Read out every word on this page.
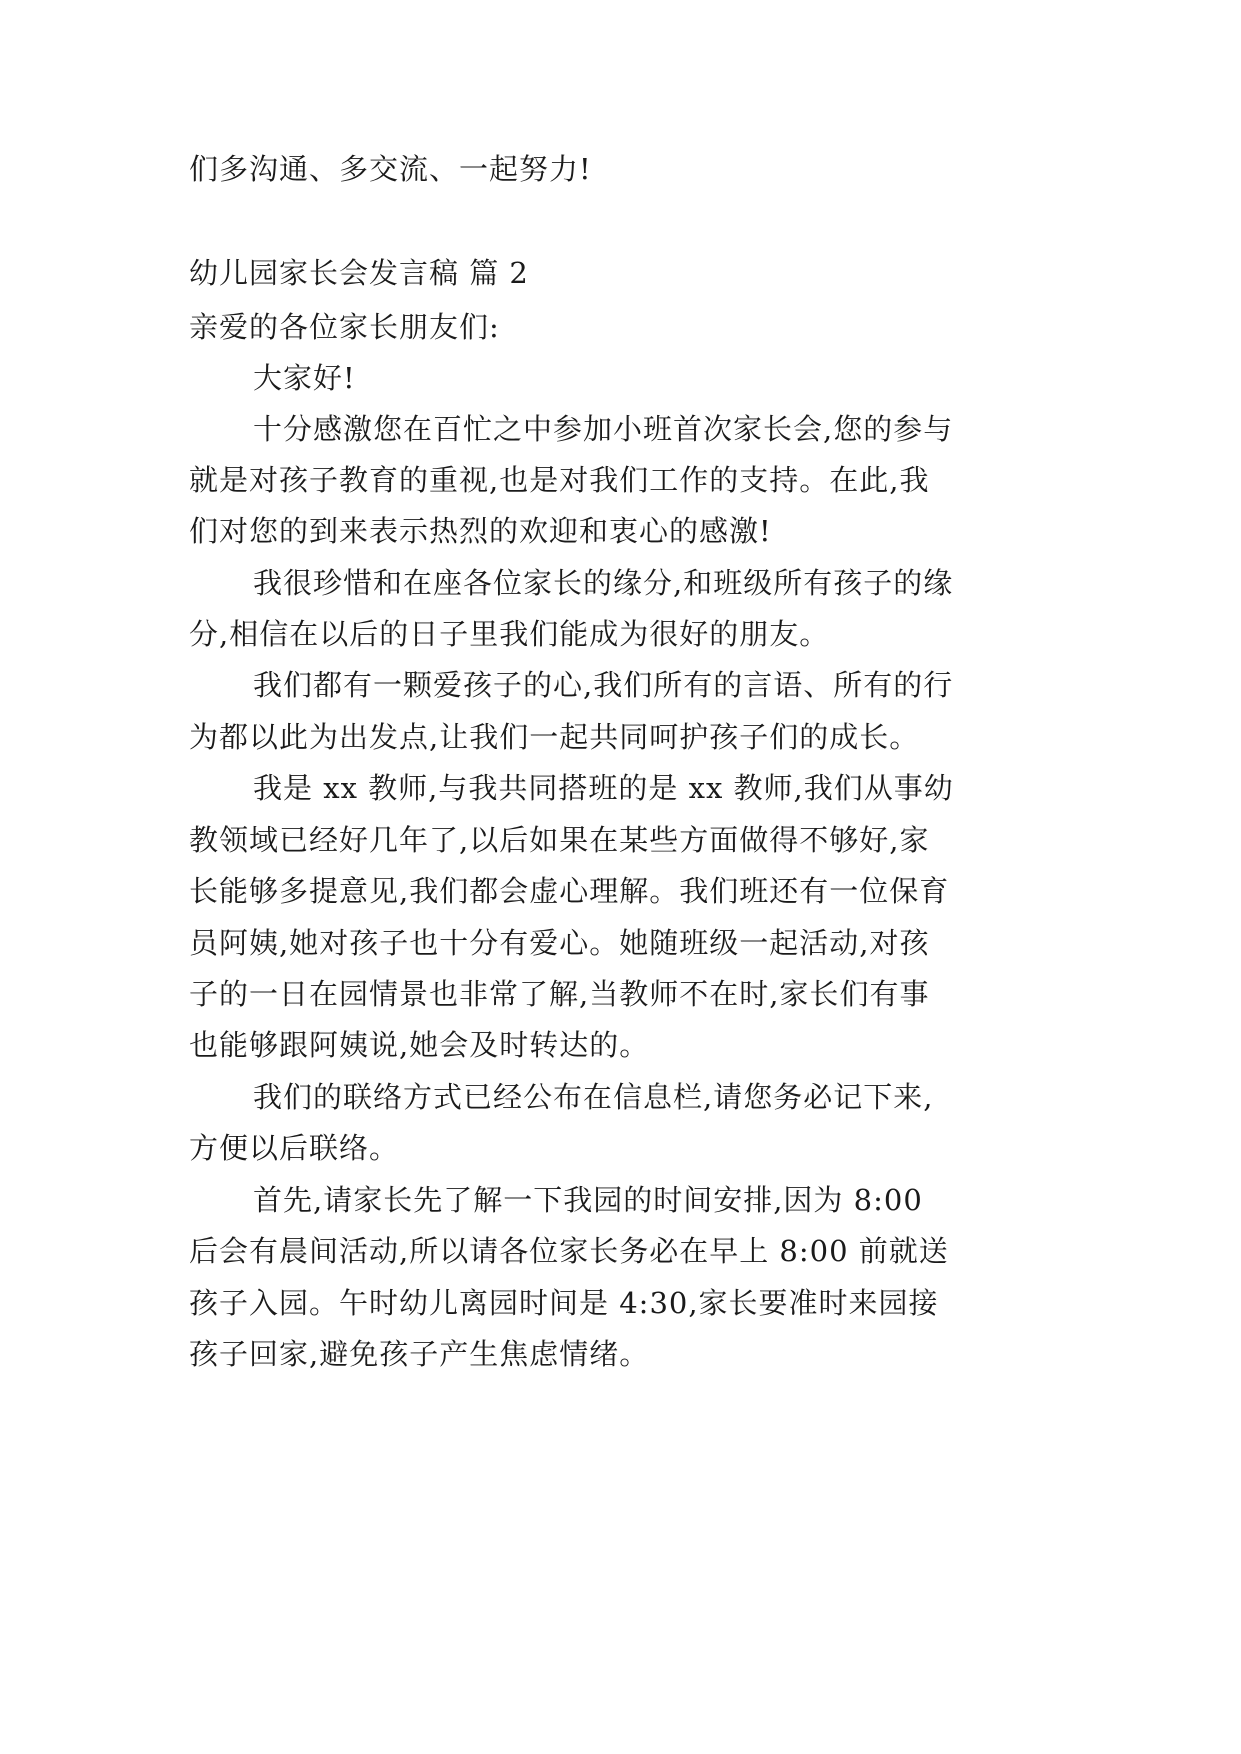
们多沟通、多交流、一起努力!
幼儿园家长会发言稿 篇 2
亲爱的各位家长朋友们:
大家好!
十分感激您在百忙之中参加小班首次家长会,您的参与
就是对孩子教育的重视,也是对我们工作的支持。在此,我
们对您的到来表示热烈的欢迎和衷心的感激!
我很珍惜和在座各位家长的缘分,和班级所有孩子的缘
分,相信在以后的日子里我们能成为很好的朋友。
我们都有一颗爱孩子的心,我们所有的言语、所有的行
为都以此为出发点,让我们一起共同呵护孩子们的成长。
我是 xx 教师,与我共同搭班的是 xx 教师,我们从事幼
教领域已经好几年了,以后如果在某些方面做得不够好,家
长能够多提意见,我们都会虚心理解。我们班还有一位保育
员阿姨,她对孩子也十分有爱心。她随班级一起活动,对孩
子的一日在园情景也非常了解,当教师不在时,家长们有事
也能够跟阿姨说,她会及时转达的。
我们的联络方式已经公布在信息栏,请您务必记下来,
方便以后联络。
首先,请家长先了解一下我园的时间安排,因为 8:00
后会有晨间活动,所以请各位家长务必在早上 8:00 前就送
孩子入园。午时幼儿离园时间是 4:30,家长要准时来园接
孩子回家,避免孩子产生焦虑情绪。
